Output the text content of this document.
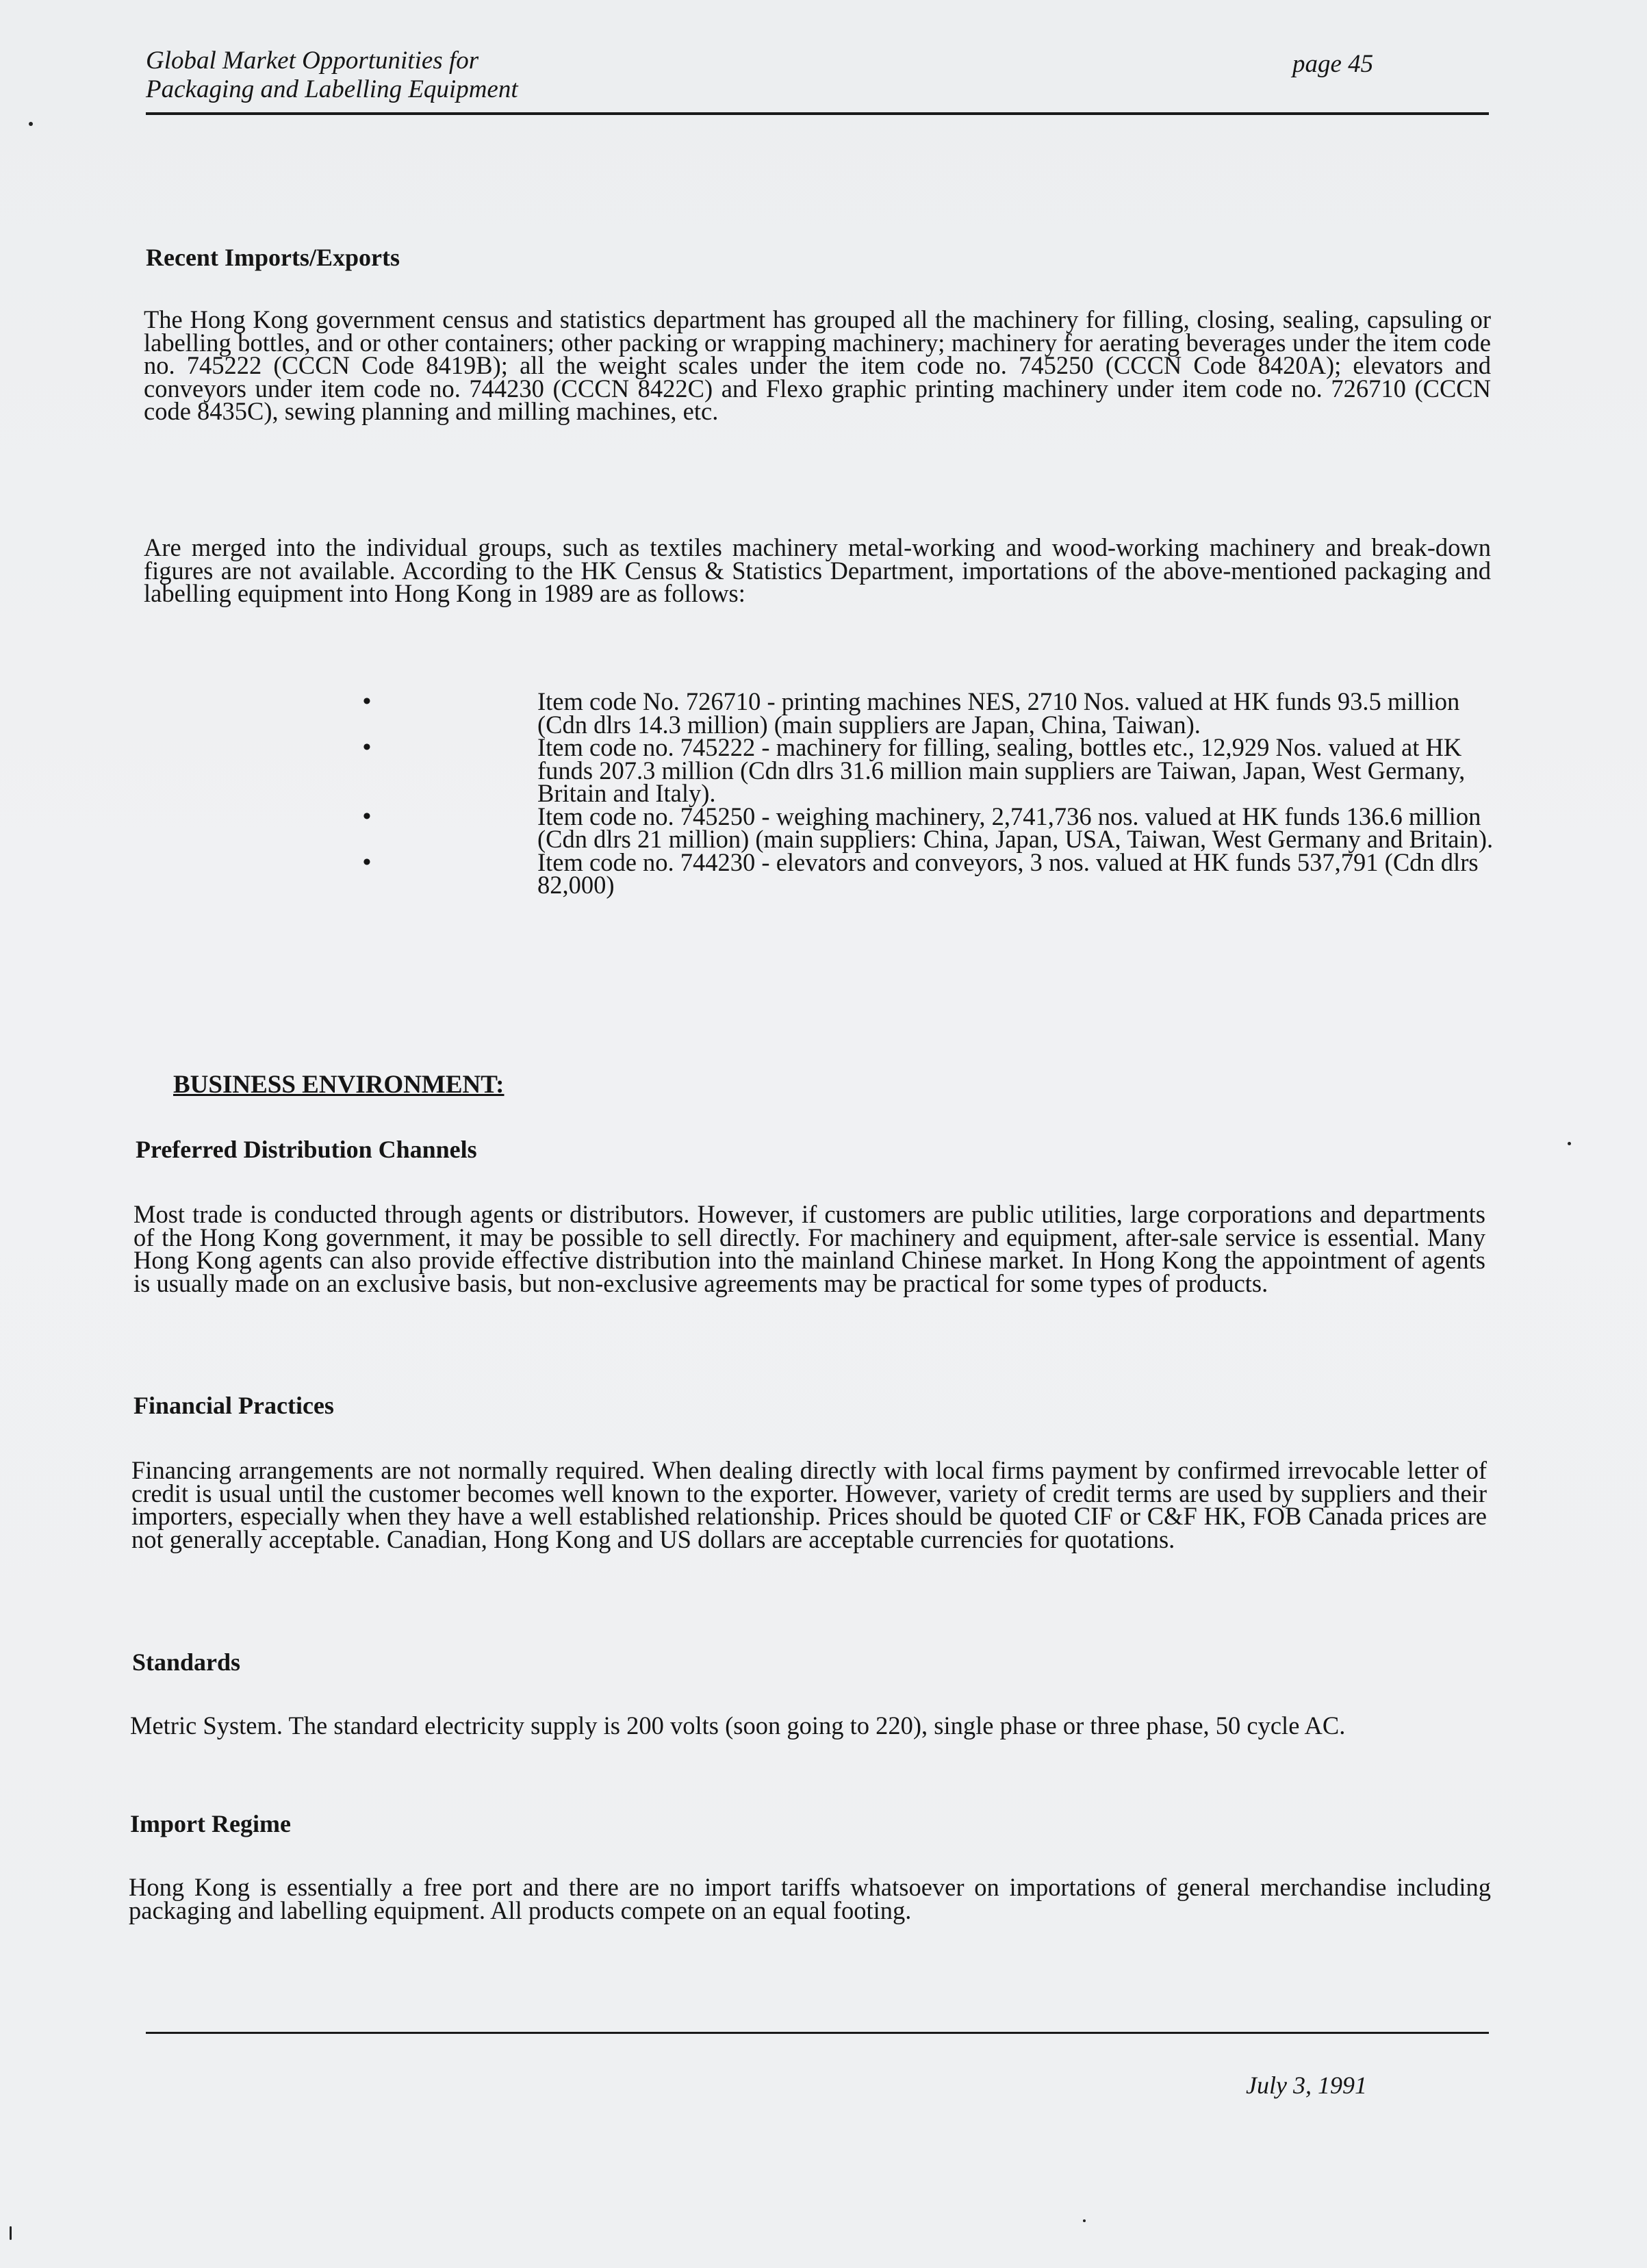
Global Market Opportunities for
Packaging and Labelling Equipment
page 45
Recent Imports/Exports

The Hong Kong government census and statistics department has grouped all the machinery for filling, closing, sealing, capsuling or labelling bottles, and or other containers; other packing or wrapping machinery; machinery for aerating beverages under the item code no. 745222 (CCCN Code 8419B); all the weight scales under the item code no. 745250 (CCCN Code 8420A); elevators and conveyors under item code no. 744230 (CCCN 8422C) and Flexo graphic printing machinery under item code no. 726710 (CCCN code 8435C), sewing planning and milling machines, etc.

Are merged into the individual groups, such as textiles machinery metal-working and wood-working machinery and break-down figures are not available. According to the HK Census & Statistics Department, importations of the above-mentioned packaging and labelling equipment into Hong Kong in 1989 are as follows:

•	Item code No. 726710 - printing machines NES, 2710 Nos. valued at HK funds 93.5 million (Cdn dlrs 14.3 million) (main suppliers are Japan, China, Taiwan).
•	Item code no. 745222 - machinery for filling, sealing, bottles etc., 12,929 Nos. valued at HK funds 207.3 million (Cdn dlrs 31.6 million main suppliers are Taiwan, Japan, West Germany, Britain and Italy).
•	Item code no. 745250 - weighing machinery, 2,741,736 nos. valued at HK funds 136.6 million (Cdn dlrs 21 million) (main suppliers: China, Japan, USA, Taiwan, West Germany and Britain).
•	Item code no. 744230 - elevators and conveyors, 3 nos. valued at HK funds 537,791 (Cdn dlrs 82,000)
BUSINESS ENVIRONMENT:
Preferred Distribution Channels

Most trade is conducted through agents or distributors. However, if customers are public utilities, large corporations and departments of the Hong Kong government, it may be possible to sell directly. For machinery and equipment, after-sale service is essential. Many Hong Kong agents can also provide effective distribution into the mainland Chinese market. In Hong Kong the appointment of agents is usually made on an exclusive basis, but non-exclusive agreements may be practical for some types of products.

Financial Practices

Financing arrangements are not normally required. When dealing directly with local firms payment by confirmed irrevocable letter of credit is usual until the customer becomes well known to the exporter. However, variety of credit terms are used by suppliers and their importers, especially when they have a well established relationship. Prices should be quoted CIF or C&F HK, FOB Canada prices are not generally acceptable. Canadian, Hong Kong and US dollars are acceptable currencies for quotations.

Standards

Metric System. The standard electricity supply is 200 volts (soon going to 220), single phase or three phase, 50 cycle AC.

Import Regime

Hong Kong is essentially a free port and there are no import tariffs whatsoever on importations of general merchandise including packaging and labelling equipment. All products compete on an equal footing.

July 3, 1991
